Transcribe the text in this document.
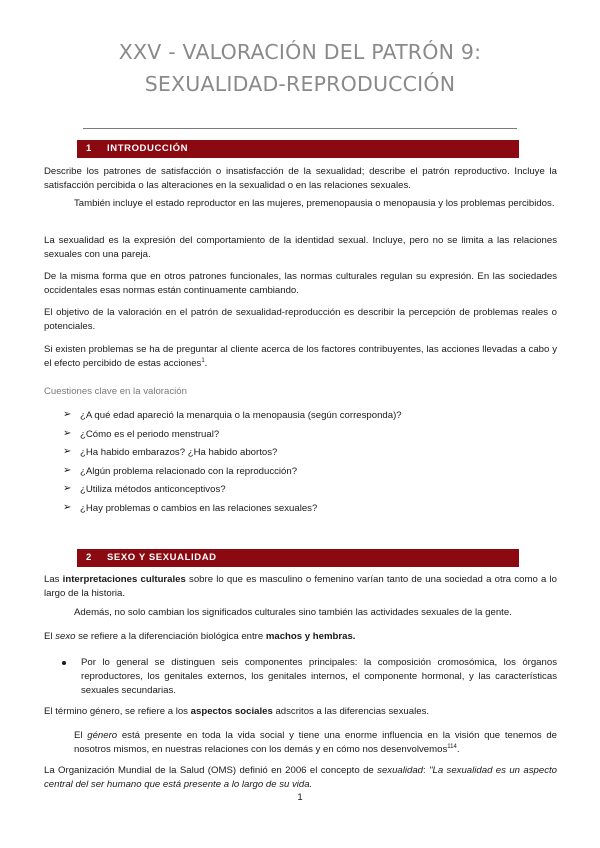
XXV - VALORACIÓN DEL PATRÓN 9:
SEXUALIDAD-REPRODUCCIÓN
1 INTRODUCCIÓN

Describe los patrones de satisfacción o insatisfacción de la sexualidad; describe el patrón reproductivo. Incluye la satisfacción percibida o las alteraciones en la sexualidad o en las relaciones sexuales.

También incluye el estado reproductor en las mujeres, premenopausia o menopausia y los problemas percibidos.

La sexualidad es la expresión del comportamiento de la identidad sexual. Incluye, pero no se limita a las relaciones sexuales con una pareja.

De la misma forma que en otros patrones funcionales, las normas culturales regulan su expresión. En las sociedades occidentales esas normas están continuamente cambiando.

El objetivo de la valoración en el patrón de sexualidad-reproducción es describir la percepción de problemas reales o potenciales.

Si existen problemas se ha de preguntar al cliente acerca de los factores contribuyentes, las acciones llevadas a cabo y el efecto percibido de estas acciones$^1$.

Cuestiones clave en la valoración
➢ ¿A qué edad apareció la menarquia o la menopausia (según corresponda)?
➢ ¿Cómo es el periodo menstrual?
➢ ¿Ha habido embarazos? ¿Ha habido abortos?
➢ ¿Algún problema relacionado con la reproducción?
➢ ¿Utiliza métodos anticonceptivos?
➢ ¿Hay problemas o cambios en las relaciones sexuales?
2 SEXO Y SEXUALIDAD

Las interpretaciones culturales sobre lo que es masculino o femenino varían tanto de una sociedad a otra como a lo largo de la historia.

Además, no solo cambian los significados culturales sino también las actividades sexuales de la gente.

El sexo se refiere a la diferenciación biológica entre machos y hembras.

Por lo general se distinguen seis componentes principales: la composición cromosómica, los órganos reproductores, los genitales externos, los genitales internos, el componente hormonal, y las características sexuales secundarias.

El término género, se refiere a los aspectos sociales adscritos a las diferencias sexuales.

El género está presente en toda la vida social y tiene una enorme influencia en la visión que tenemos de nosotros mismos, en nuestras relaciones con los demás y en cómo nos desenvolvemos$^{114}$.

La Organización Mundial de la Salud (OMS) definió en 2006 el concepto de sexualidad: "La sexualidad es un aspecto central del ser humano que está presente a lo largo de su vida.

1
